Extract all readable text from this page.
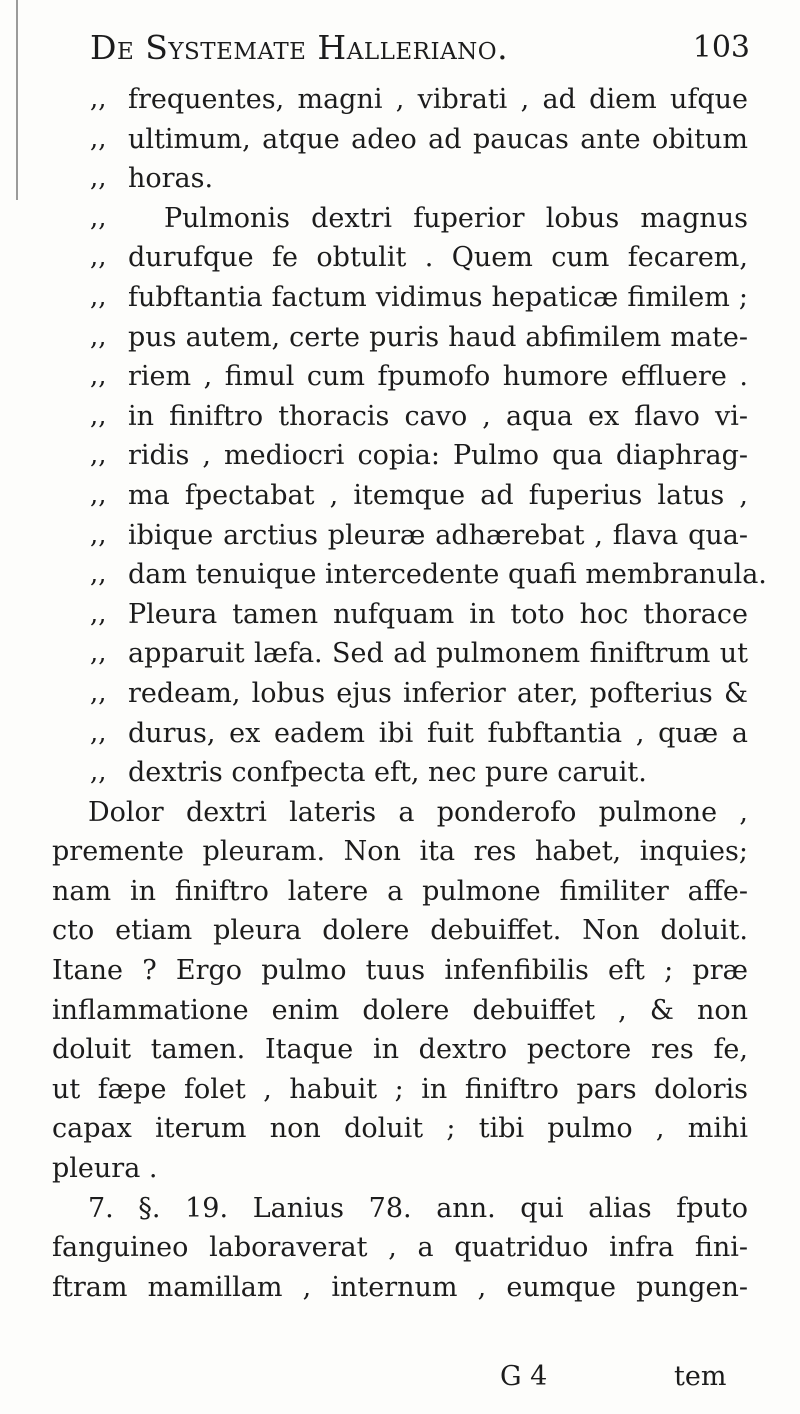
De Systemate Halleriano.	103
,, frequentes, magni , vibrati , ad diem ufque
,, ultimum, atque adeo ad paucas ante obitum
,, horas.
,, Pulmonis dextri fuperior lobus magnus
,, durufque fe obtulit . Quem cum fecarem,
,, fubftantia factum vidimus hepaticæ fimilem ;
,, pus autem, certe puris haud abfimilem mate-
,, riem , fimul cum fpumofo humore effluere .
,, in finiftro thoracis cavo , aqua ex flavo vi-
,, ridis , mediocri copia: Pulmo qua diaphrag-
,, ma fpectabat , itemque ad fuperius latus ,
,, ibique arctius pleuræ adhærebat , flava qua-
,, dam tenuique intercedente quafi membranula.
,, Pleura tamen nufquam in toto hoc thorace
,, apparuit læfa. Sed ad pulmonem finiftrum ut
,, redeam, lobus ejus inferior ater, pofterius &
,, durus, ex eadem ibi fuit fubftantia , quæ a
,, dextris confpecta eft, nec pure caruit.
Dolor dextri lateris a ponderofo pulmone ,
premente pleuram. Non ita res habet, inquies;
nam in finiftro latere a pulmone fimiliter affe-
cto etiam pleura dolere debuiffet. Non doluit.
Itane ? Ergo pulmo tuus infenfibilis eft ; præ
inflammatione enim dolere debuiffet , & non
doluit tamen. Itaque in dextro pectore res fe,
ut fæpe folet , habuit ; in finiftro pars doloris
capax iterum non doluit ; tibi pulmo , mihi
pleura .
7. §. 19. Lanius 78. ann. qui alias fputo
fanguineo laboraverat , a quatriduo infra fini-
ftram mamillam , internum , eumque pungen-
G 4	tem
